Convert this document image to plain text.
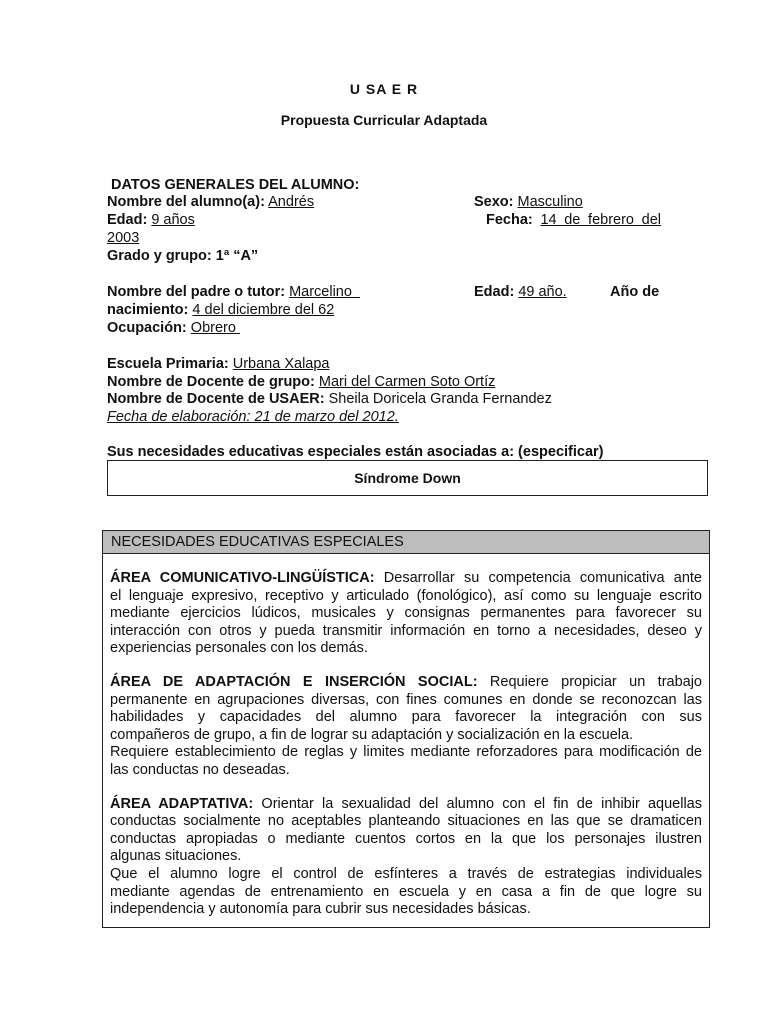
U SA E R
Propuesta Curricular Adaptada
DATOS GENERALES DEL ALUMNO:
Nombre del alumno(a): Andrés	Sexo: Masculino
Edad: 9 años	Fecha: 14 de febrero del
2003
Grado y grupo: 1ª “A”
Nombre del padre o tutor: Marcelino	Edad: 49 año.	Año de
nacimiento: 4 del diciembre del 62
Ocupación: Obrero
Escuela Primaria: Urbana Xalapa
Nombre de Docente de grupo: Mari del Carmen Soto Ortíz
Nombre de Docente de USAER: Sheila Doricela Granda Fernandez
Fecha de elaboración: 21 de marzo del 2012.
Sus necesidades educativas especiales están asociadas a: (especificar)
Síndrome Down
NECESIDADES EDUCATIVAS ESPECIALES
ÁREA COMUNICATIVO-LINGÜÍSTICA: Desarrollar su competencia comunicativa ante
el lenguaje expresivo, receptivo y articulado (fonológico), así como su lenguaje escrito
mediante ejercicios lúdicos, musicales y consignas permanentes para favorecer su
interacción con otros y pueda transmitir información en torno a necesidades, deseo y
experiencias personales con los demás.
ÁREA DE ADAPTACIÓN E INSERCIÓN SOCIAL: Requiere propiciar un trabajo
permanente en agrupaciones diversas, con fines comunes en donde se reconozcan las
habilidades y capacidades del alumno para favorecer la integración con sus
compañeros de grupo, a fin de lograr su adaptación y socialización en la escuela.
Requiere establecimiento de reglas y limites mediante reforzadores para modificación de
las conductas no deseadas.
ÁREA ADAPTATIVA: Orientar la sexualidad del alumno con el fin de inhibir aquellas
conductas socialmente no aceptables planteando situaciones en las que se dramaticen
conductas apropiadas o mediante cuentos cortos en la que los personajes ilustren
algunas situaciones.
Que el alumno logre el control de esfínteres a través de estrategias individuales
mediante agendas de entrenamiento en escuela y en casa a fin de que logre su
independencia y autonomía para cubrir sus necesidades básicas.
